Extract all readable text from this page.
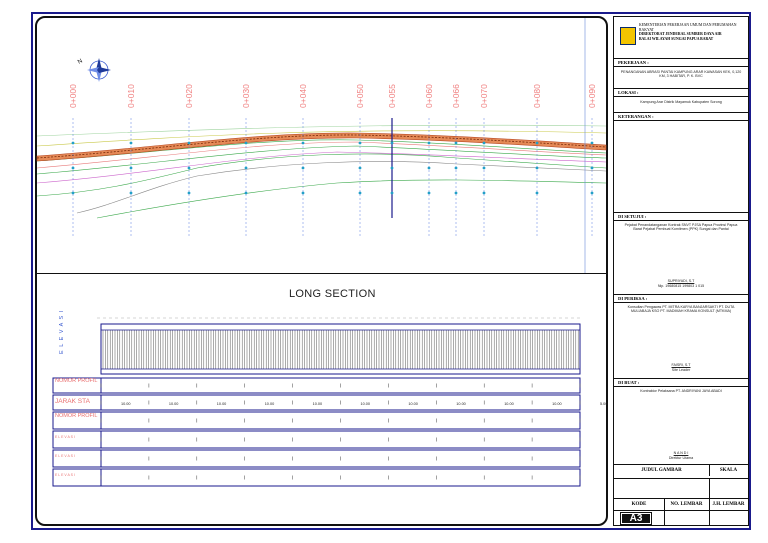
N
0+000	0+010	0+020	0+030	0+040	0+050	0+055	0+060 0+066 0+070	0+080	0+090
LONG SECTION
10.00	10.00	10.00	10.00	10.00	10.00	10.00	10.00	10.00	10.00	5.00
E L E V A S I
NOMOR PROFIL
JARAK STA
NOMOR PROFIL
E L E V A S I
E L E V A S I
E L E V A S I
KEMENTERIAN PEKERJAAN UMUM DAN PERUMAHAN RAKYAT
DIREKTORAT JENDERAL SUMBER DAYA AIR
BALAI WILAYAH SUNGAI PAPUA BARAT
PEKERJAAN :
PENANGANAN ABRASI PANTAI KAMPUNG ARAR KAWASAN KEK, 0,120 KM, 3 HABITAR, P. K. BVC
LOKASI :
Kampung Arar Distrik Mayamuk Kabupaten Sorong
KETERANGAN :
DI SETUJUI :
Pejabat Penandatanganan Kontrak SNVT PJSA Papua Provinsi Papua Barat Pejabat Pembuat Komitmen (PPK) Sungai dan Pantai
SUPRIYADI, S.T
Nip. 19680815 199803 1 015
DI PERIKSA :
Konsultan Pengawas PT. MITRA KARYA BANJARSAKTI PT. DUTA MULIABAJA KSO PT. MADIMAH KRAMA KONSULT (MTKMA)
FAISRI, S.T
Site Leader
DI BUAT :
Kontraktor Pelaksana PT. ANDRIYANI JAYA ABADI
N A N D I
Direktur Utama
JUDUL GAMBAR	SKALA
KODE	NO. LEMBAR	J.H. LEMBAR
A3
